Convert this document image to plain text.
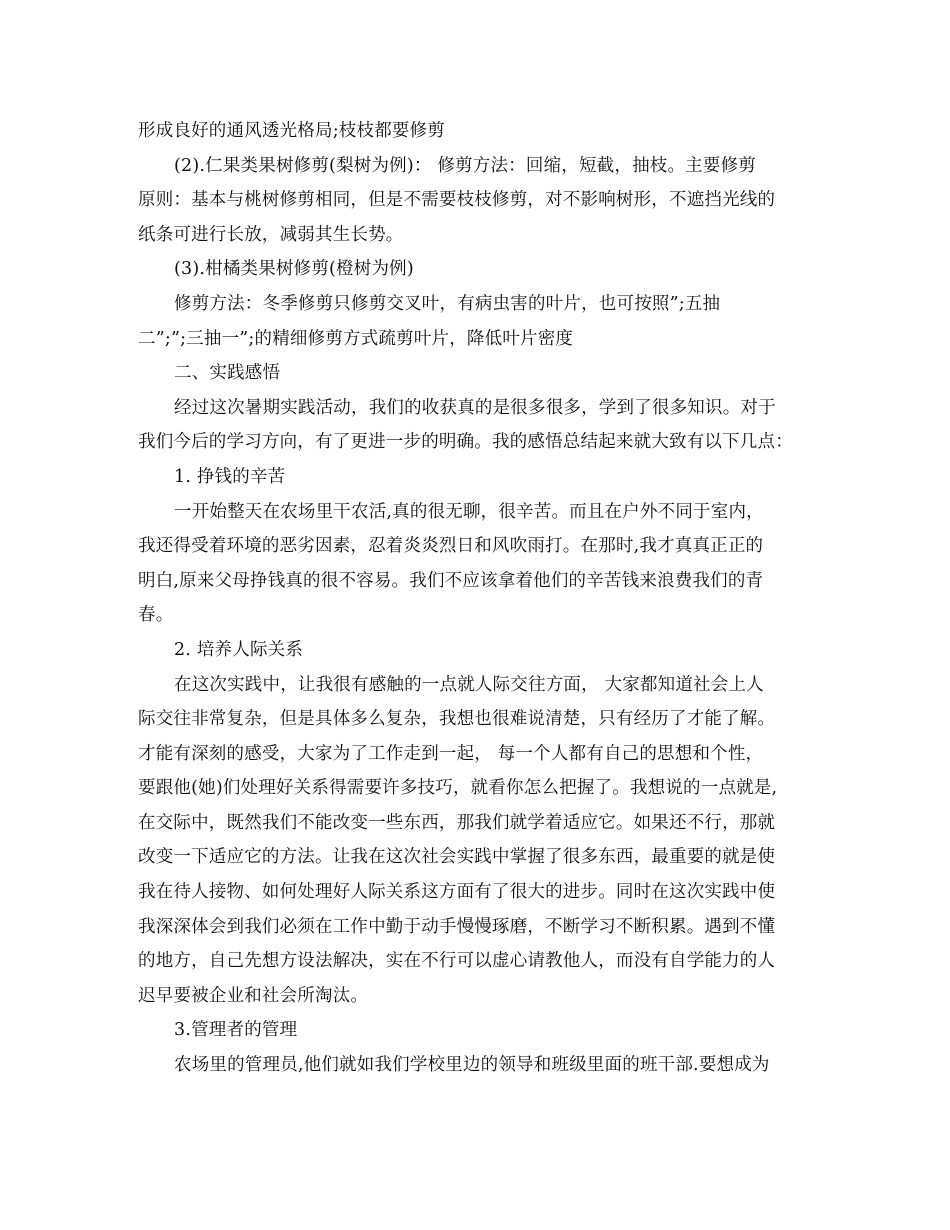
形成良好的通风透光格局;枝枝都要修剪
(2).仁果类果树修剪(梨树为例)： 修剪方法：回缩，短截，抽枝。主要修剪
原则：基本与桃树修剪相同，但是不需要枝枝修剪，对不影响树形，不遮挡光线的
纸条可进行长放，减弱其生长势。
(3).柑橘类果树修剪(橙树为例)
修剪方法：冬季修剪只修剪交叉叶，有病虫害的叶片，也可按照”;五抽
二”;”;三抽一”;的精细修剪方式疏剪叶片，降低叶片密度
二、实践感悟
经过这次暑期实践活动，我们的收获真的是很多很多，学到了很多知识。对于
我们今后的学习方向，有了更进一步的明确。我的感悟总结起来就大致有以下几点：
1. 挣钱的辛苦
一开始整天在农场里干农活,真的很无聊，很辛苦。而且在户外不同于室内，
我还得受着环境的恶劣因素，忍着炎炎烈日和风吹雨打。在那时,我才真真正正的
明白,原来父母挣钱真的很不容易。我们不应该拿着他们的辛苦钱来浪费我们的青
春。
2. 培养人际关系
在这次实践中，让我很有感触的一点就人际交往方面， 大家都知道社会上人
际交往非常复杂，但是具体多么复杂，我想也很难说清楚，只有经历了才能了解。
才能有深刻的感受，大家为了工作走到一起， 每一个人都有自己的思想和个性，
要跟他(她)们处理好关系得需要许多技巧，就看你怎么把握了。我想说的一点就是,
在交际中，既然我们不能改变一些东西，那我们就学着适应它。如果还不行，那就
改变一下适应它的方法。让我在这次社会实践中掌握了很多东西，最重要的就是使
我在待人接物、如何处理好人际关系这方面有了很大的进步。同时在这次实践中使
我深深体会到我们必须在工作中勤于动手慢慢琢磨，不断学习不断积累。遇到不懂
的地方，自己先想方设法解决，实在不行可以虚心请教他人，而没有自学能力的人
迟早要被企业和社会所淘汰。
3.管理者的管理
农场里的管理员,他们就如我们学校里边的领导和班级里面的班干部.要想成为
